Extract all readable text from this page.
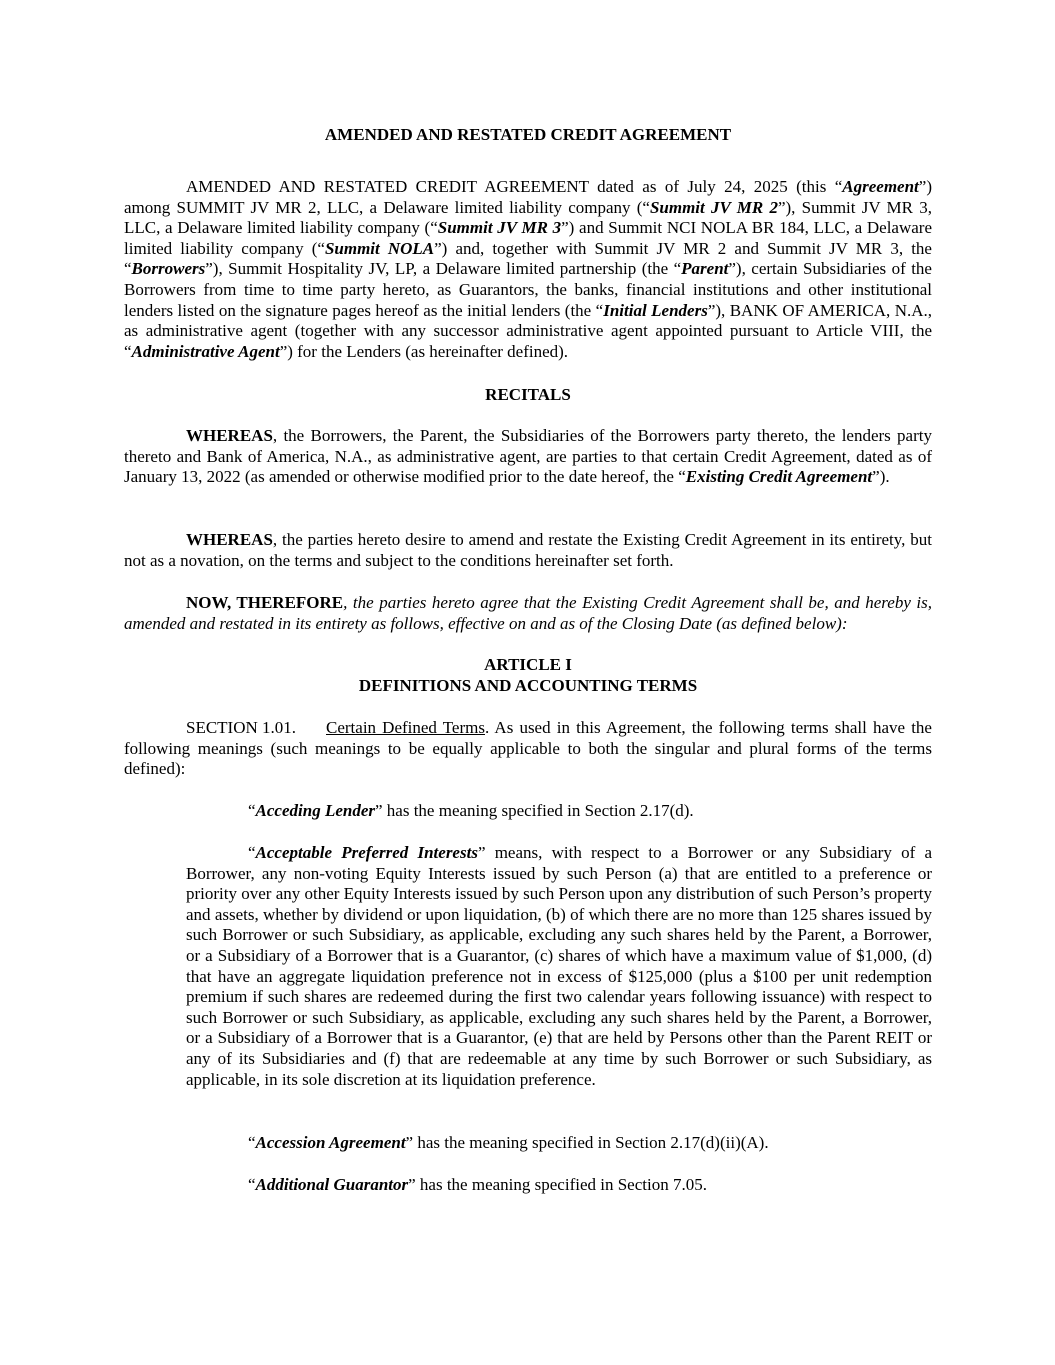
AMENDED AND RESTATED CREDIT AGREEMENT

AMENDED AND RESTATED CREDIT AGREEMENT dated as of July 24, 2025 (this “Agreement”) among SUMMIT JV MR 2, LLC, a Delaware limited liability company (“Summit JV MR 2”), Summit JV MR 3, LLC, a Delaware limited liability company (“Summit JV MR 3”) and Summit NCI NOLA BR 184, LLC, a Delaware limited liability company (“Summit NOLA”) and, together with Summit JV MR 2 and Summit JV MR 3, the “Borrowers”), Summit Hospitality JV, LP, a Delaware limited partnership (the “Parent”), certain Subsidiaries of the Borrowers from time to time party hereto, as Guarantors, the banks, financial institutions and other institutional lenders listed on the signature pages hereof as the initial lenders (the “Initial Lenders”), BANK OF AMERICA, N.A., as administrative agent (together with any successor administrative agent appointed pursuant to Article VIII, the “Administrative Agent”) for the Lenders (as hereinafter defined).

RECITALS

WHEREAS, the Borrowers, the Parent, the Subsidiaries of the Borrowers party thereto, the lenders party thereto and Bank of America, N.A., as administrative agent, are parties to that certain Credit Agreement, dated as of January 13, 2022 (as amended or otherwise modified prior to the date hereof, the “Existing Credit Agreement”).

WHEREAS, the parties hereto desire to amend and restate the Existing Credit Agreement in its entirety, but not as a novation, on the terms and subject to the conditions hereinafter set forth.

NOW, THEREFORE, the parties hereto agree that the Existing Credit Agreement shall be, and hereby is, amended and restated in its entirety as follows, effective on and as of the Closing Date (as defined below):

ARTICLE I

DEFINITIONS AND ACCOUNTING TERMS

SECTION 1.01. Certain Defined Terms. As used in this Agreement, the following terms shall have the following meanings (such meanings to be equally applicable to both the singular and plural forms of the terms defined):

“Acceding Lender” has the meaning specified in Section 2.17(d).

“Acceptable Preferred Interests” means, with respect to a Borrower or any Subsidiary of a Borrower, any non-voting Equity Interests issued by such Person (a) that are entitled to a preference or priority over any other Equity Interests issued by such Person upon any distribution of such Person’s property and assets, whether by dividend or upon liquidation, (b) of which there are no more than 125 shares issued by such Borrower or such Subsidiary, as applicable, excluding any such shares held by the Parent, a Borrower, or a Subsidiary of a Borrower that is a Guarantor, (c) shares of which have a maximum value of $1,000, (d) that have an aggregate liquidation preference not in excess of $125,000 (plus a $100 per unit redemption premium if such shares are redeemed during the first two calendar years following issuance) with respect to such Borrower or such Subsidiary, as applicable, excluding any such shares held by the Parent, a Borrower, or a Subsidiary of a Borrower that is a Guarantor, (e) that are held by Persons other than the Parent REIT or any of its Subsidiaries and (f) that are redeemable at any time by such Borrower or such Subsidiary, as applicable, in its sole discretion at its liquidation preference.

“Accession Agreement” has the meaning specified in Section 2.17(d)(ii)(A).

“Additional Guarantor” has the meaning specified in Section 7.05.
